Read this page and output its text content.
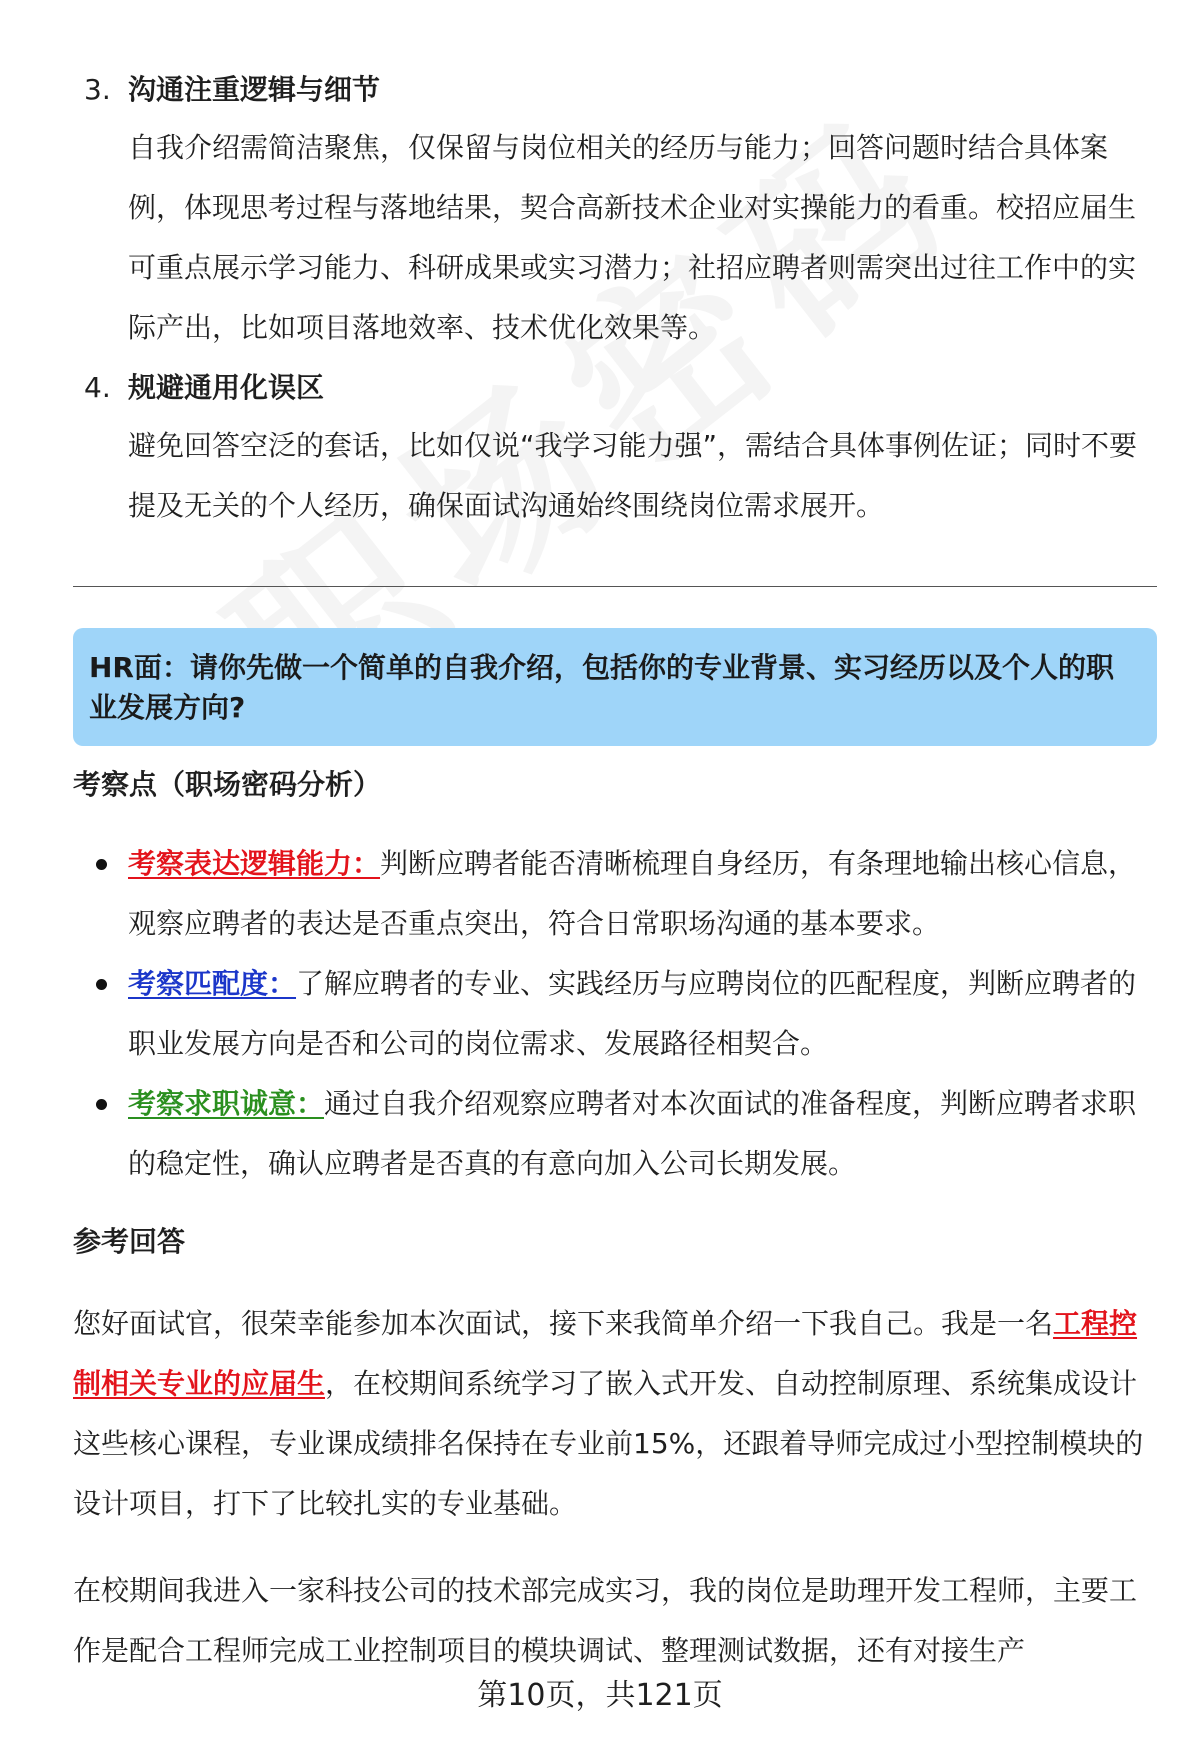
3. 沟通注重逻辑与细节
自我介绍需简洁聚焦，仅保留与岗位相关的经历与能力；回答问题时结合具体案例，体现思考过程与落地结果，契合高新技术企业对实操能力的看重。校招应届生可重点展示学习能力、科研成果或实习潜力；社招应聘者则需突出过往工作中的实际产出，比如项目落地效率、技术优化效果等。
4. 规避通用化误区
避免回答空泛的套话，比如仅说“我学习能力强”，需结合具体事例佐证；同时不要提及无关的个人经历，确保面试沟通始终围绕岗位需求展开。
HR面：请你先做一个简单的自我介绍，包括你的专业背景、实习经历以及个人的职业发展方向?
考察点（职场密码分析）
考察表达逻辑能力：判断应聘者能否清晰梳理自身经历，有条理地输出核心信息，观察应聘者的表达是否重点突出，符合日常职场沟通的基本要求。
考察匹配度：了解应聘者的专业、实践经历与应聘岗位的匹配程度，判断应聘者的职业发展方向是否和公司的岗位需求、发展路径相契合。
考察求职诚意：通过自我介绍观察应聘者对本次面试的准备程度，判断应聘者求职的稳定性，确认应聘者是否真的有意向加入公司长期发展。
参考回答
您好面试官，很荣幸能参加本次面试，接下来我简单介绍一下我自己。我是一名工程控制相关专业的应届生，在校期间系统学习了嵌入式开发、自动控制原理、系统集成设计这些核心课程，专业课成绩排名保持在专业前15%，还跟着导师完成过小型控制模块的设计项目，打下了比较扎实的专业基础。
在校期间我进入一家科技公司的技术部完成实习，我的岗位是助理开发工程师，主要工作是配合工程师完成工业控制项目的模块调试、整理测试数据，还有对接生产
第10页，共121页
